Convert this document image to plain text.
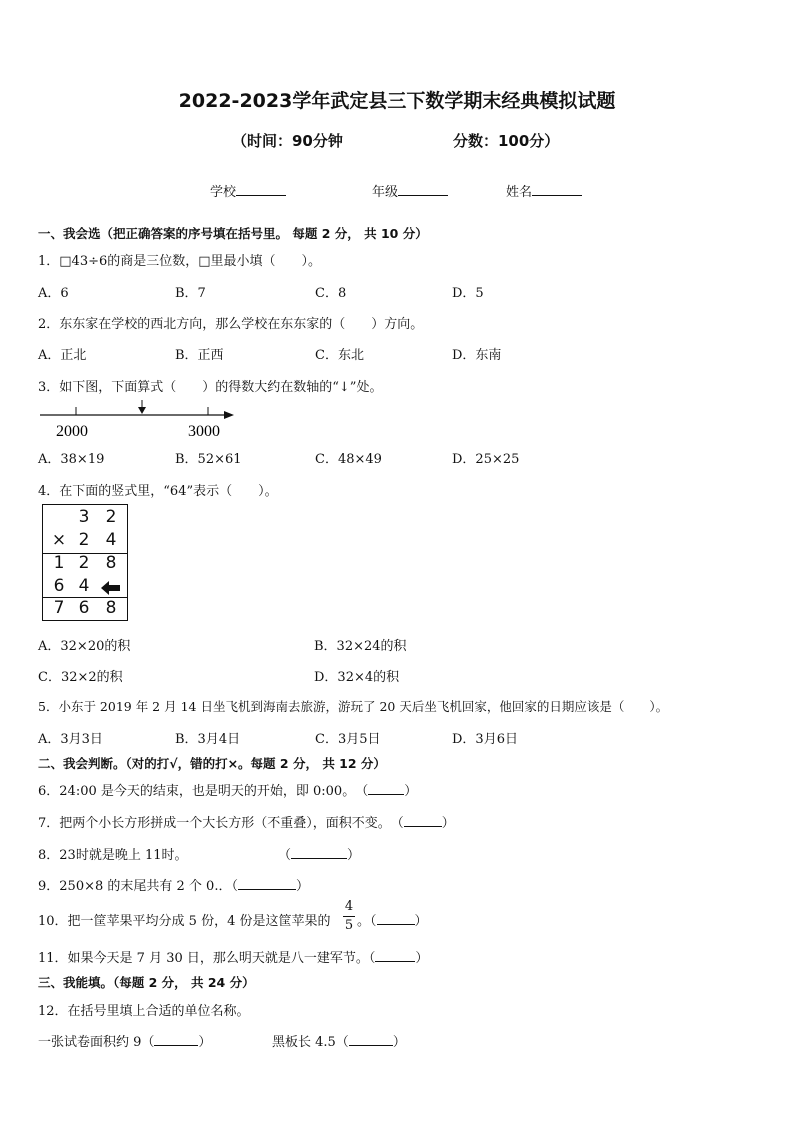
2022-2023学年武定县三下数学期末经典模拟试题
（时间：90分钟	分数：100分）
学校	年级	姓名
一、我会选（把正确答案的序号填在括号里。 每题 2 分， 共 10 分）
1．□43÷6的商是三位数，□里最小填（　　）。
A．6	B．7	C．8	D．5
2．东东家在学校的西北方向，那么学校在东东家的（　　）方向。
A．正北	B．正西	C．东北	D．东南
3．如下图，下面算式（　　）的得数大约在数轴的“↓”处。
2000	3000
A．38×19	B．52×61	C．48×49	D．25×25
4．在下面的竖式里，“64”表示（　　）。
3 2
× 2 4
1 2 8
6 4
7 6 8
A．32×20的积	B．32×24的积
C．32×2的积	D．32×4的积
5．小东于 2019 年 2 月 14 日坐飞机到海南去旅游，游玩了 20 天后坐飞机回家，他回家的日期应该是（　　）。
A．3月3日	B．3月4日	C．3月5日	D．3月6日
二、我会判断。（对的打√，错的打×。每题 2 分， 共 12 分）
6．24:00 是今天的结束，也是明天的开始，即 0:00。　（	）
7．把两个小长方形拼成一个大长方形（不重叠），面积不变。　（	）
8．23时就是晚上 11时。	（	）
9．250×8 的末尾共有 2 个 0.．（	）
10．把一筐苹果平均分成 5 份，4 份是这筐苹果的
4
5 。（	）
11．如果今天是 7 月 30 日，那么明天就是八一建军节。（	）
三、我能填。（每题 2 分， 共 24 分）
12．在括号里填上合适的单位名称。
一张试卷面积约 9（	）	黑板长 4.5（	）
